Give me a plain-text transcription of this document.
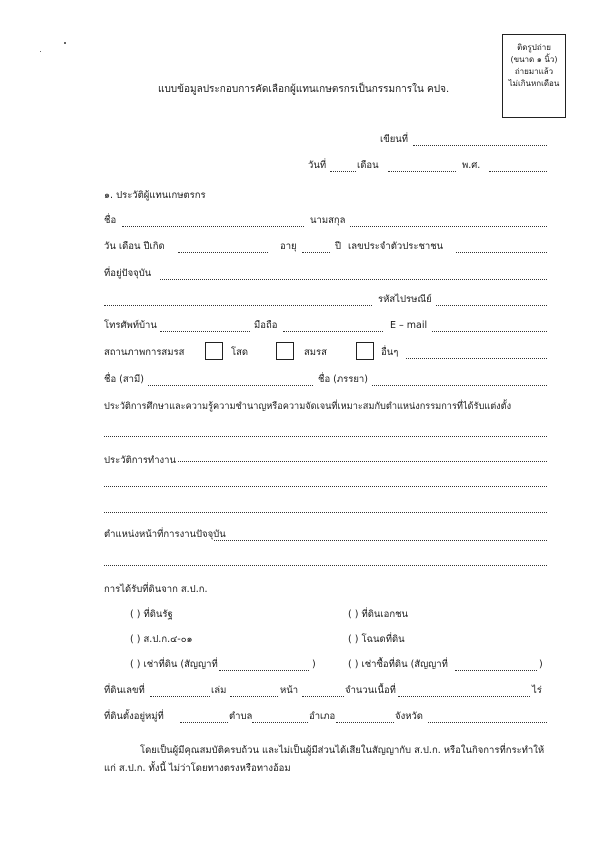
ติดรูปถ่าย
(ขนาด ๑ นิ้ว)
ถ่ายมาแล้ว
ไม่เกินหกเดือน
แบบข้อมูลประกอบการคัดเลือกผู้แทนเกษตรกรเป็นกรรมการใน คปจ.
เขียนที่
วันที่	เดือน	พ.ศ.
๑. ประวัติผู้แทนเกษตรกร
ชื่อ	นามสกุล
วัน เดือน ปีเกิด	อายุ	ปี เลขประจำตัวประชาชน
ที่อยู่ปัจจุบัน
รหัสไปรษณีย์
โทรศัพท์บ้าน	มือถือ	E – mail
สถานภาพการสมรส	โสด	สมรส	อื่นๆ
ชื่อ (สามี)	ชื่อ (ภรรยา)
ประวัติการศึกษาและความรู้ความชำนาญหรือความจัดเจนที่เหมาะสมกับตำแหน่งกรรมการที่ได้รับแต่งตั้ง
ประวัติการทำงาน
ตำแหน่งหน้าที่การงานปัจจุบัน
การได้รับที่ดินจาก ส.ป.ก.
( ) ที่ดินรัฐ	( ) ที่ดินเอกชน
( ) ส.ป.ก.๔-๐๑	( ) โฉนดที่ดิน
( ) เช่าที่ดิน (สัญญาที่	)	( ) เช่าซื้อที่ดิน (สัญญาที่	)
ที่ดินเลขที่	เล่ม	หน้า	จำนวนเนื้อที่	ไร่
ที่ดินตั้งอยู่หมู่ที่	ตำบล	อำเภอ	จังหวัด
โดยเป็นผู้มีคุณสมบัติครบถ้วน และไม่เป็นผู้มีส่วนได้เสียในสัญญากับ ส.ป.ก. หรือในกิจการที่กระทำให้แก่ ส.ป.ก. ทั้งนี้ ไม่ว่าโดยทางตรงหรือทางอ้อม
